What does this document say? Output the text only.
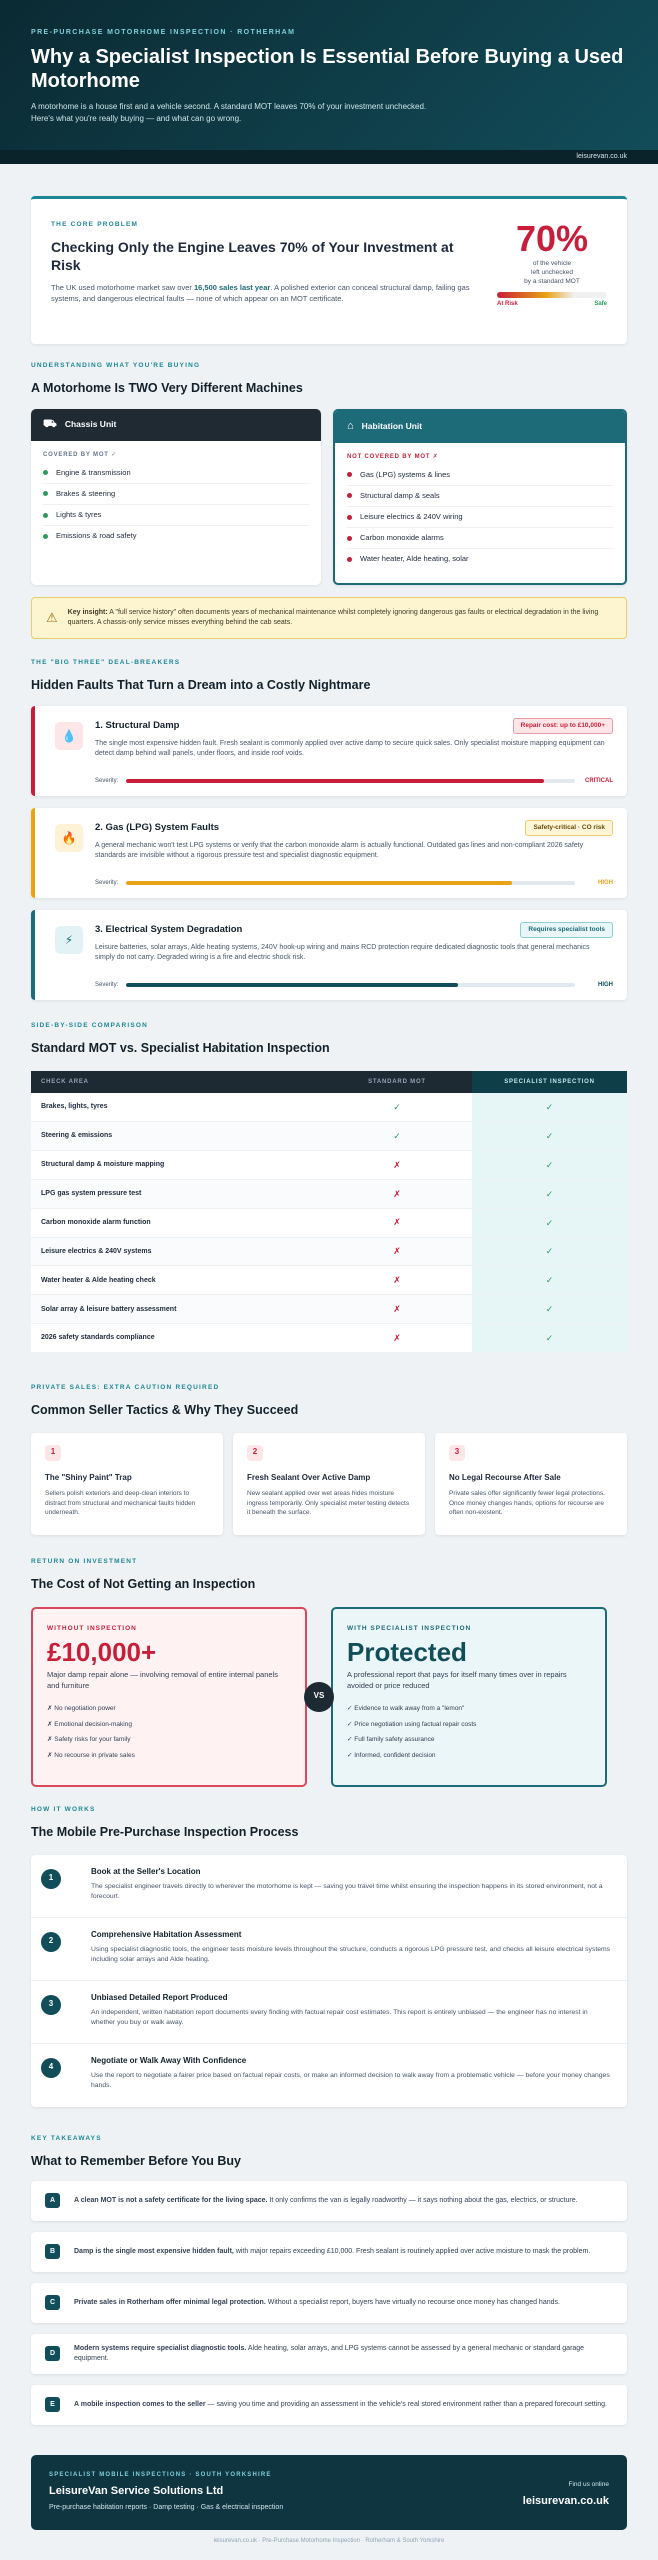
PRE-PURCHASE MOTORHOME INSPECTION · ROTHERHAM
Why a Specialist Inspection Is Essential Before Buying a Used Motorhome

A motorhome is a house first and a vehicle second. A standard MOT leaves 70% of your investment unchecked.
Here's what you're really buying — and what can go wrong.

leisurevan.co.uk
THE CORE PROBLEM
Checking Only the Engine Leaves 70% of Your Investment at Risk

The UK used motorhome market saw over 16,500 sales last year. A polished exterior can conceal structural damp, failing gas systems, and dangerous electrical faults — none of which appear on an MOT certificate.

70%
of the vehicle
left unchecked
by a standard MOT
At Risk	Safe
UNDERSTANDING WHAT YOU'RE BUYING
A Motorhome Is TWO Very Different Machines
⛟ Chassis Unit
COVERED BY MOT ✓
Engine & transmission
Brakes & steering
Lights & tyres
Emissions & road safety
⌂ Habitation Unit
NOT COVERED BY MOT ✗
Gas (LPG) systems & lines
Structural damp & seals
Leisure electrics & 240V wiring
Carbon monoxide alarms
Water heater, Alde heating, solar
⚠ Key insight: A "full service history" often documents years of mechanical maintenance whilst completely ignoring dangerous gas faults or electrical degradation in the living quarters. A chassis-only service misses everything behind the cab seats.
THE "BIG THREE" DEAL-BREAKERS
Hidden Faults That Turn a Dream into a Costly Nightmare
💧
1. Structural Damp	Repair cost: up to £10,000+

The single most expensive hidden fault. Fresh sealant is commonly applied over active damp to secure quick sales. Only specialist moisture mapping equipment can detect damp behind wall panels, under floors, and inside roof voids.

Severity:	CRITICAL
🔥
2. Gas (LPG) System Faults	Safety-critical · CO risk

A general mechanic won't test LPG systems or verify that the carbon monoxide alarm is actually functional. Outdated gas lines and non-compliant 2026 safety standards are invisible without a rigorous pressure test and specialist diagnostic equipment.

Severity:	HIGH
⚡
3. Electrical System Degradation	Requires specialist tools

Leisure batteries, solar arrays, Alde heating systems, 240V hook-up wiring and mains RCD protection require dedicated diagnostic tools that general mechanics simply do not carry. Degraded wiring is a fire and electric shock risk.

Severity:	HIGH
SIDE-BY-SIDE COMPARISON
Standard MOT vs. Specialist Habitation Inspection
CHECK AREA	STANDARD MOT	SPECIALIST INSPECTION
Brakes, lights, tyres	✓	✓
Steering & emissions	✓	✓
Structural damp & moisture mapping	✗	✓
LPG gas system pressure test	✗	✓
Carbon monoxide alarm function	✗	✓
Leisure electrics & 240V systems	✗	✓
Water heater & Alde heating check	✗	✓
Solar array & leisure battery assessment	✗	✓
2026 safety standards compliance	✗	✓
PRIVATE SALES: EXTRA CAUTION REQUIRED
Common Seller Tactics & Why They Succeed
1
The "Shiny Paint" Trap

Sellers polish exteriors and deep-clean interiors to distract from structural and mechanical faults hidden underneath.

2
Fresh Sealant Over Active Damp

New sealant applied over wet areas hides moisture ingress temporarily. Only specialist meter testing detects it beneath the surface.

3
No Legal Recourse After Sale

Private sales offer significantly fewer legal protections. Once money changes hands, options for recourse are often non-existent.

RETURN ON INVESTMENT
The Cost of Not Getting an Inspection
WITHOUT INSPECTION
£10,000+
Major damp repair alone — involving removal of entire internal panels and furniture
✗ No negotiation power
✗ Emotional decision-making
✗ Safety risks for your family
✗ No recourse in private sales
VS
WITH SPECIALIST INSPECTION
Protected
A professional report that pays for itself many times over in repairs avoided or price reduced
✓ Evidence to walk away from a "lemon"
✓ Price negotiation using factual repair costs
✓ Full family safety assurance
✓ Informed, confident decision
HOW IT WORKS
The Mobile Pre-Purchase Inspection Process
1
Book at the Seller's Location

The specialist engineer travels directly to wherever the motorhome is kept — saving you travel time whilst ensuring the inspection happens in its stored environment, not a forecourt.

2
Comprehensive Habitation Assessment

Using specialist diagnostic tools, the engineer tests moisture levels throughout the structure, conducts a rigorous LPG pressure test, and checks all leisure electrical systems including solar arrays and Alde heating.

3
Unbiased Detailed Report Produced

An independent, written habitation report documents every finding with factual repair cost estimates. This report is entirely unbiased — the engineer has no interest in whether you buy or walk away.

4
Negotiate or Walk Away With Confidence

Use the report to negotiate a fairer price based on factual repair costs, or make an informed decision to walk away from a problematic vehicle — before your money changes hands.

KEY TAKEAWAYS
What to Remember Before You Buy
A	A clean MOT is not a safety certificate for the living space. It only confirms the van is legally roadworthy — it says nothing about the gas, electrics, or structure.
B	Damp is the single most expensive hidden fault, with major repairs exceeding £10,000. Fresh sealant is routinely applied over active moisture to mask the problem.
C	Private sales in Rotherham offer minimal legal protection. Without a specialist report, buyers have virtually no recourse once money has changed hands.
D
Modern systems require specialist diagnostic tools. Alde heating, solar arrays, and LPG systems cannot be assessed by a general mechanic or standard garage equipment.
E	A mobile inspection comes to the seller — saving you time and providing an assessment in the vehicle's real stored environment rather than a prepared forecourt setting.
SPECIALIST MOBILE INSPECTIONS · SOUTH YORKSHIRE
LeisureVan Service Solutions Ltd
Pre-purchase habitation reports · Damp testing · Gas & electrical inspection
Find us online
leisurevan.co.uk
leisurevan.co.uk · Pre-Purchase Motorhome Inspection · Rotherham & South Yorkshire
